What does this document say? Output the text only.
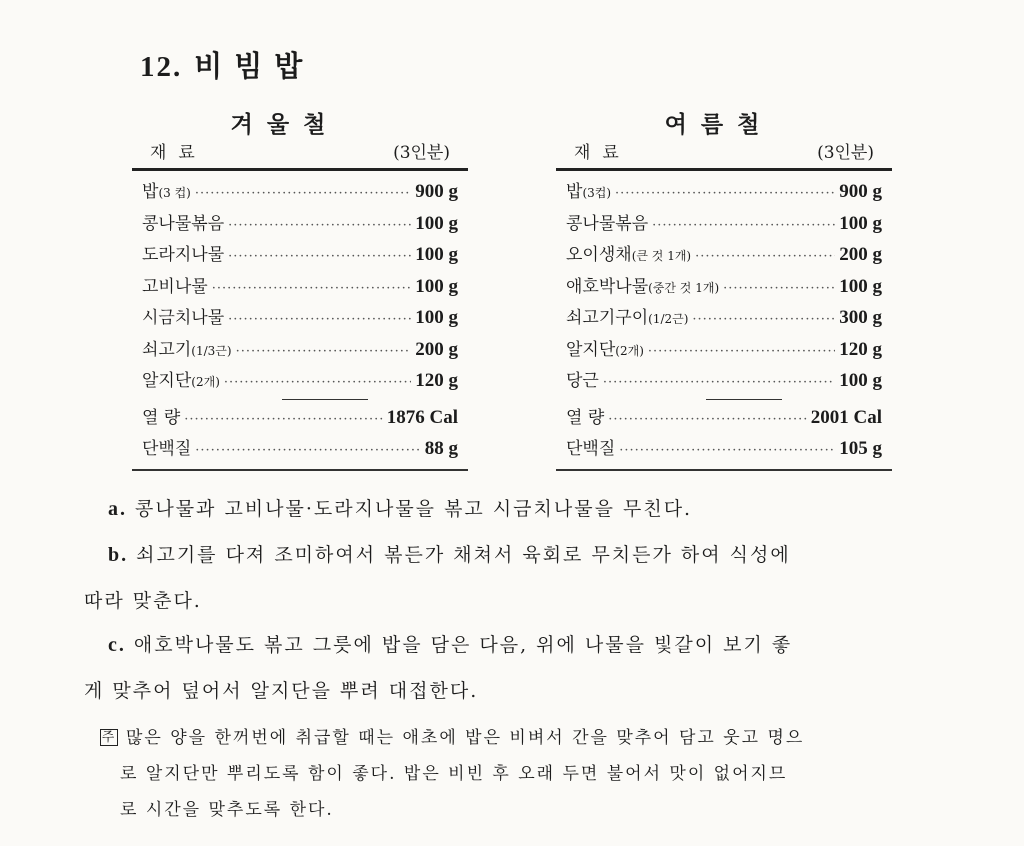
12. 비빔밥
겨울철
재료	(3인분)
밥(3 컵) ·····	900 g
콩나물볶음 ·····	100 g
도라지나물 ·····	100 g
고비나물 ·····	100 g
시금치나물 ·····	100 g
쇠고기(1/3근) ·····	200 g
알지단(2개) ·····	120 g
열 량 ·····	1876 Cal
단백질 ·····	88 g
여름철
재료	(3인분)
밥(3컵) ·····	900 g
콩나물볶음 ·····	100 g
오이생채(큰 것 1개) ·····	200 g
애호박나물(중간 것 1개) ·····	100 g
쇠고기구이(1/2근) ·····	300 g
알지단(2개) ·····	120 g
당근 ·····	100 g
열 량 ·····	2001 Cal
단백질 ·····	105 g
a. 콩나물과 고비나물·도라지나물을 볶고 시금치나물을 무친다.
b. 쇠고기를 다져 조미하여서 볶든가 채쳐서 육회로 무치든가 하여 식성에
따라 맞춘다.
c. 애호박나물도 볶고 그릇에 밥을 담은 다음, 위에 나물을 빛갈이 보기 좋
게 맞추어 덮어서 알지단을 뿌려 대접한다.
주 많은 양을 한꺼번에 취급할 때는 애초에 밥은 비벼서 간을 맞추어 담고 웃고 명으
로 알지단만 뿌리도록 함이 좋다. 밥은 비빈 후 오래 두면 불어서 맛이 없어지므
로 시간을 맞추도록 한다.
